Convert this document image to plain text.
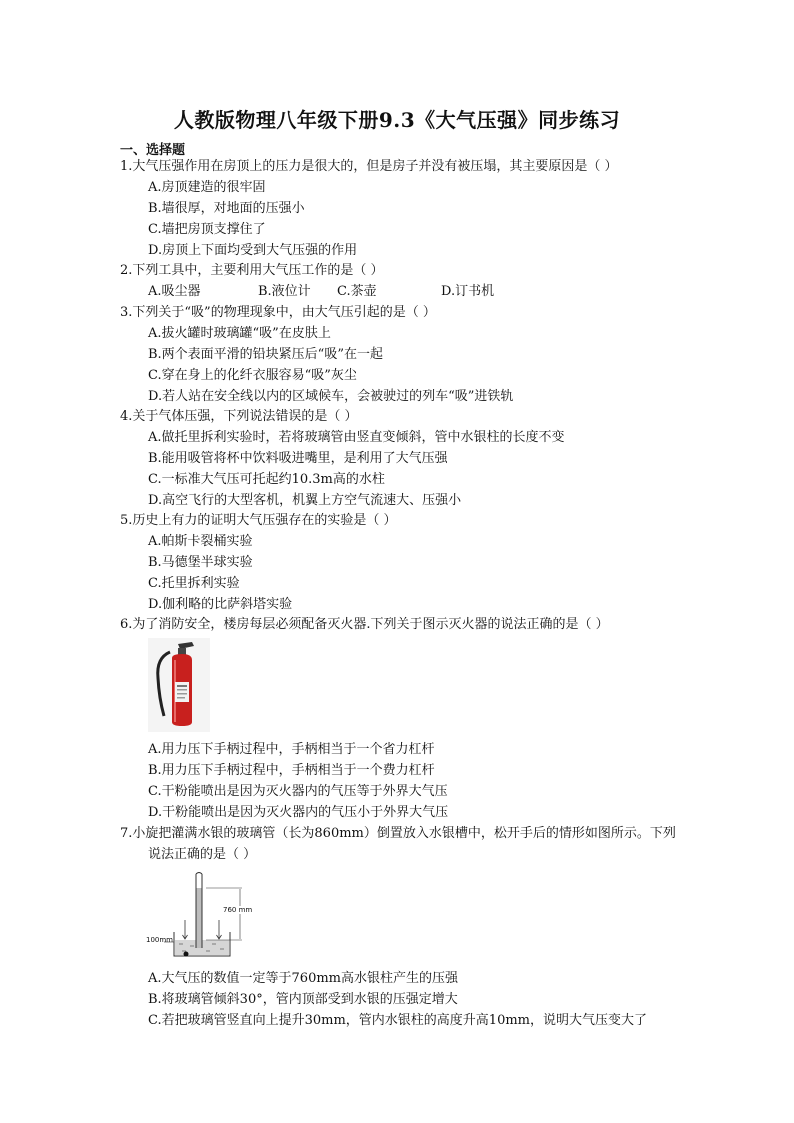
人教版物理八年级下册9.3《大气压强》同步练习
一、选择题
1.大气压强作用在房顶上的压力是很大的，但是房子并没有被压塌，其主要原因是（ ）
A.房顶建造的很牢固
B.墙很厚，对地面的压强小
C.墙把房顶支撑住了
D.房顶上下面均受到大气压强的作用
2.下列工具中，主要利用大气压工作的是（ ）
A.吸尘器	B.液位计 C.茶壶	D.订书机
3.下列关于“吸”的物理现象中，由大气压引起的是（ ）
A.拔火罐时玻璃罐“吸”在皮肤上
B.两个表面平滑的铅块紧压后“吸”在一起
C.穿在身上的化纤衣服容易“吸”灰尘
D.若人站在安全线以内的区域候车，会被驶过的列车“吸”进铁轨
4.关于气体压强，下列说法错误的是（ ）
A.做托里拆利实验时，若将玻璃管由竖直变倾斜，管中水银柱的长度不变
B.能用吸管将杯中饮料吸进嘴里，是利用了大气压强
C.一标准大气压可托起约10.3m高的水柱
D.高空飞行的大型客机，机翼上方空气流速大、压强小
5.历史上有力的证明大气压强存在的实验是（ ）
A.帕斯卡裂桶实验
B.马德堡半球实验
C.托里拆利实验
D.伽利略的比萨斜塔实验
6.为了消防安全，楼房每层必须配备灭火器.下列关于图示灭火器的说法正确的是（ ）
A.用力压下手柄过程中，手柄相当于一个省力杠杆
B.用力压下手柄过程中，手柄相当于一个费力杠杆
C.干粉能喷出是因为灭火器内的气压等于外界大气压
D.干粉能喷出是因为灭火器内的气压小于外界大气压
7.小旋把灌满水银的玻璃管（长为860mm）倒置放入水银槽中，松开手后的情形如图所示。下列
说法正确的是（ ）
760 mm
100mm
A.大气压的数值一定等于760mm高水银柱产生的压强
B.将玻璃管倾斜30°，管内顶部受到水银的压强定增大
C.若把玻璃管竖直向上提升30mm，管内水银柱的高度升高10mm，说明大气压变大了
